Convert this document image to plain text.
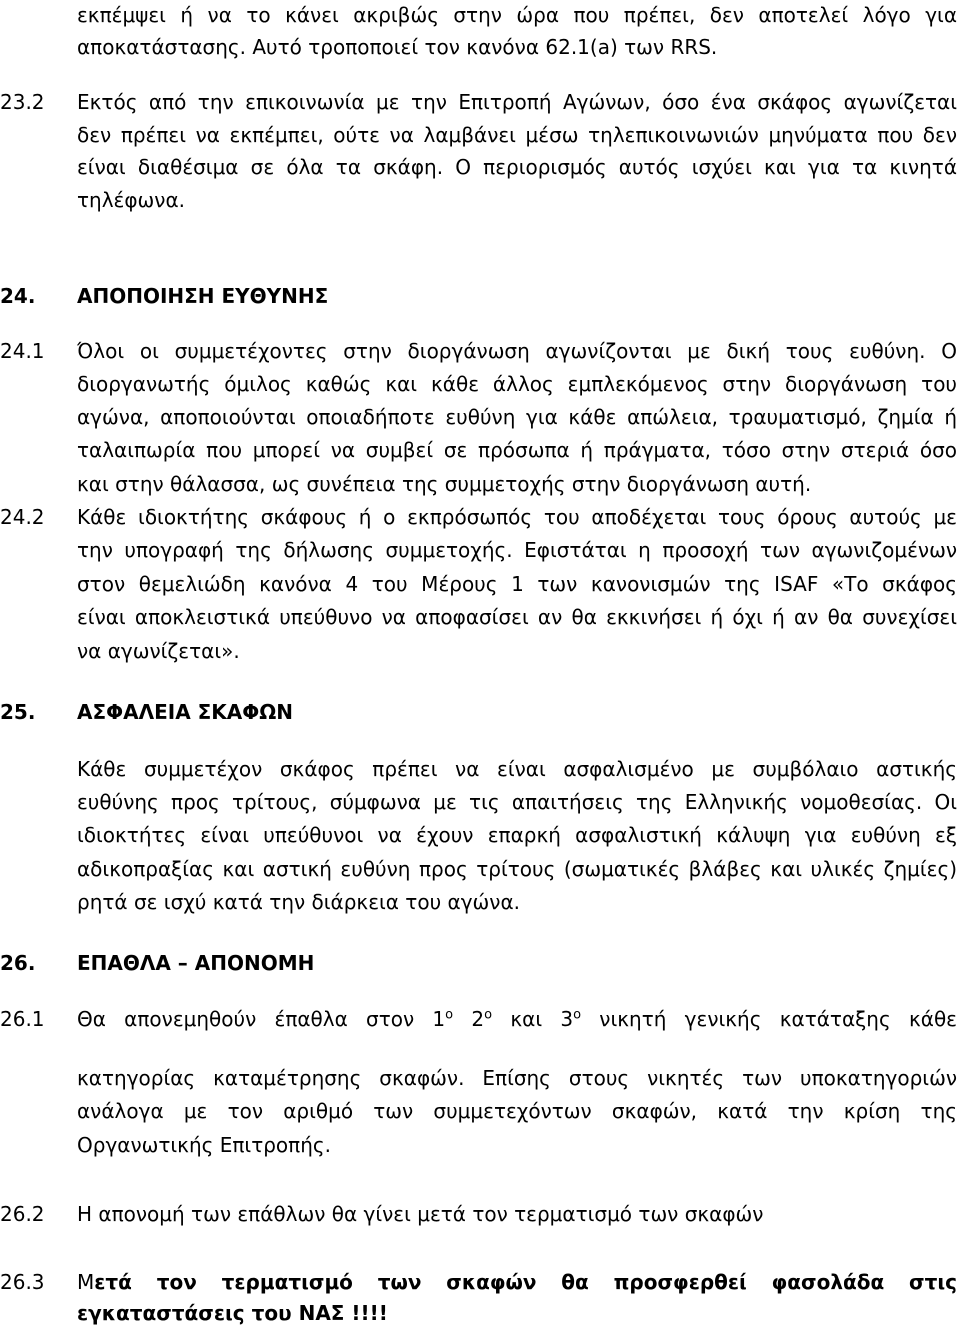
εκπέμψει ή να το κάνει ακριβώς στην ώρα που πρέπει, δεν αποτελεί λόγο για
αποκατάστασης. Αυτό τροποποιεί τον κανόνα 62.1(a) των RRS.
23.2 Εκτός από την επικοινωνία με την Επιτροπή Αγώνων, όσο ένα σκάφος αγωνίζεται
δεν πρέπει να εκπέμπει, ούτε να λαμβάνει μέσω τηλεπικοινωνιών μηνύματα που δεν
είναι διαθέσιμα σε όλα τα σκάφη. Ο περιορισμός αυτός ισχύει και για τα κινητά
τηλέφωνα.
24. ΑΠΟΠΟΙΗΣΗ ΕΥΘΥΝΗΣ
24.1 Όλοι οι συμμετέχοντες στην διοργάνωση αγωνίζονται με δική τους ευθύνη. Ο
διοργανωτής όμιλος καθώς και κάθε άλλος εμπλεκόμενος στην διοργάνωση του
αγώνα, αποποιούνται οποιαδήποτε ευθύνη για κάθε απώλεια, τραυματισμό, ζημία ή
ταλαιπωρία που μπορεί να συμβεί σε πρόσωπα ή πράγματα, τόσο στην στεριά όσο
και στην θάλασσα, ως συνέπεια της συμμετοχής στην διοργάνωση αυτή.
24.2 Κάθε ιδιοκτήτης σκάφους ή ο εκπρόσωπός του αποδέχεται τους όρους αυτούς με
την υπογραφή της δήλωσης συμμετοχής. Εφιστάται η προσοχή των αγωνιζομένων
στον θεμελιώδη κανόνα 4 του Μέρους 1 των κανονισμών της ISAF «Το σκάφος
είναι αποκλειστικά υπεύθυνο να αποφασίσει αν θα εκκινήσει ή όχι ή αν θα συνεχίσει
να αγωνίζεται».
25. ΑΣΦΑΛΕΙΑ ΣΚΑΦΩΝ
Κάθε συμμετέχον σκάφος πρέπει να είναι ασφαλισμένο με συμβόλαιο αστικής
ευθύνης προς τρίτους, σύμφωνα με τις απαιτήσεις της Ελληνικής νομοθεσίας. Οι
ιδιοκτήτες είναι υπεύθυνοι να έχουν επαρκή ασφαλιστική κάλυψη για ευθύνη εξ
αδικοπραξίας και αστική ευθύνη προς τρίτους (σωματικές βλάβες και υλικές ζημίες)
ρητά σε ισχύ κατά την διάρκεια του αγώνα.
26. ΕΠΑΘΛΑ – ΑΠΟΝΟΜΗ
26.1 Θα απονεμηθούν έπαθλα στον $1^o$ $2^o$ και $3^o$ νικητή γενικής κατάταξης κάθε
κατηγορίας καταμέτρησης σκαφών. Επίσης στους νικητές των υποκατηγοριών
ανάλογα με τον αριθμό των συμμετεχόντων σκαφών, κατά την κρίση της
Οργανωτικής Επιτροπής.
26.2 Η απονομή των επάθλων θα γίνει μετά τον τερματισμό των σκαφών
26.3 Μετά τον τερματισμό των σκαφών θα προσφερθεί φασολάδα στις
εγκαταστάσεις του ΝΑΣ !!!!
